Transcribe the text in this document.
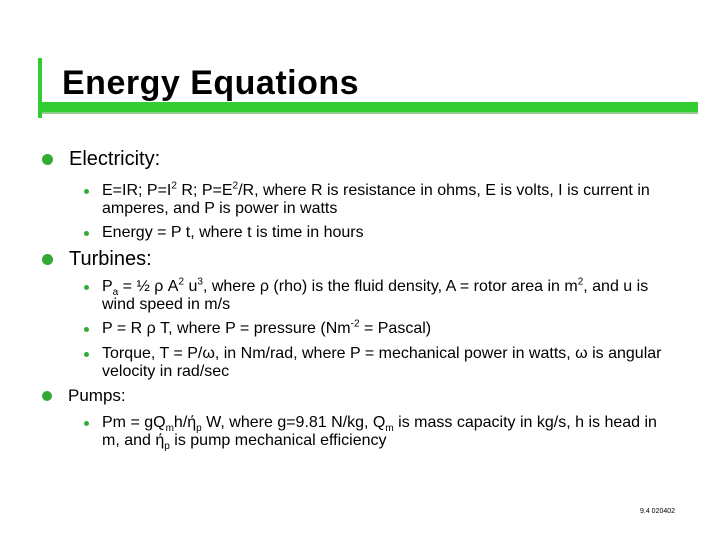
Energy Equations
Electricity:
E=IR; $P=I^2$ R; $P=E^2/R$, where R is resistance in ohms, E is volts, I is current in amperes, and P is power in watts
Energy = P t, where t is time in hours
Turbines:
$P_a$ = ½ ρ $A^2$ $u^3$, where ρ (rho) is the fluid density, A = rotor area in $m^2$, and u is wind speed in m/s
P = R ρ T, where P = pressure ($Nm^{-2}$ = Pascal)
Torque, T = P/ω, in Nm/rad, where P = mechanical power in watts, ω is angular velocity in rad/sec
Pumps:
$Pm = gQ_mh/ή_p$ W, where g=9.81 N/kg, $Q_m$ is mass capacity in kg/s, h is head in m, and $ή_p$ is pump mechanical efficiency
9.4 020402
